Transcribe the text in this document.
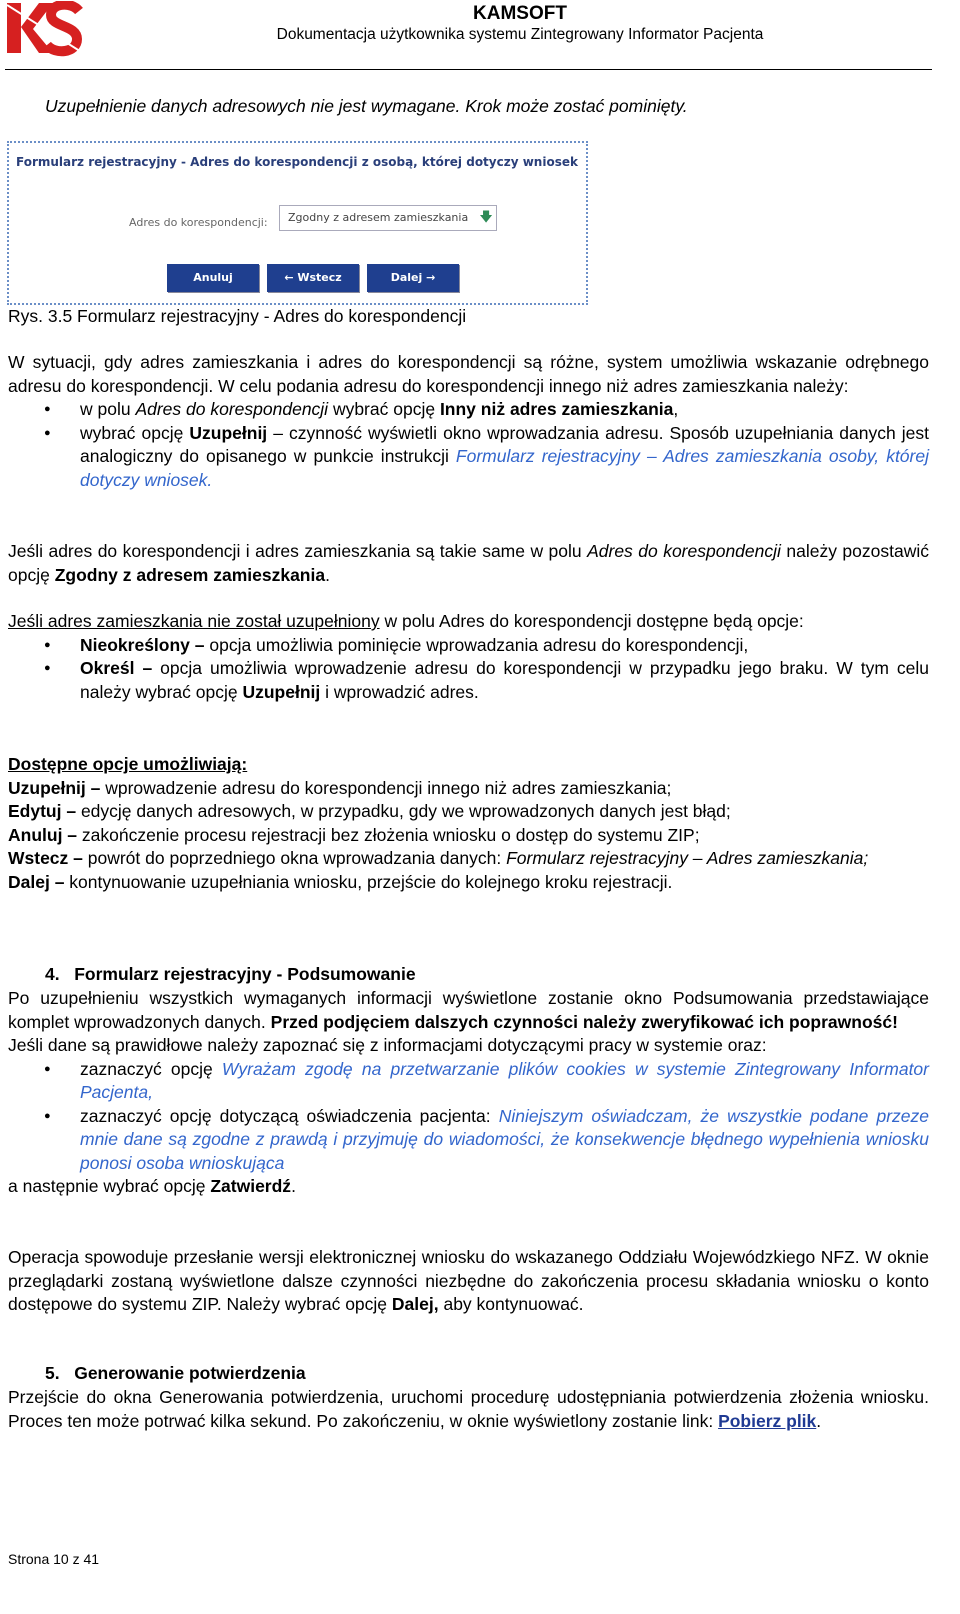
KAMSOFT
Dokumentacja użytkownika systemu Zintegrowany Informator Pacjenta
Uzupełnienie danych adresowych nie jest wymagane. Krok może zostać pominięty.
Formularz rejestracyjny - Adres do korespondencji z osobą, której dotyczy wniosek
Adres do korespondencji:	Zgodny z adresem zamieszkania 🡇
Anuluj	← Wstecz	Dalej →
Rys. 3.5 Formularz rejestracyjny - Adres do korespondencji
W sytuacji, gdy adres zamieszkania i adres do korespondencji są różne, system umożliwia wskazanie odrębnego adresu do korespondencji. W celu podania adresu do korespondencji innego niż adres zamieszkania należy:
● w polu Adres do korespondencji wybrać opcję Inny niż adres zamieszkania,
● wybrać opcję Uzupełnij – czynność wyświetli okno wprowadzania adresu. Sposób uzupełniania danych jest analogiczny do opisanego w punkcie instrukcji Formularz rejestracyjny – Adres zamieszkania osoby, której dotyczy wniosek.
Jeśli adres do korespondencji i adres zamieszkania są takie same w polu Adres do korespondencji należy pozostawić opcję Zgodny z adresem zamieszkania.
Jeśli adres zamieszkania nie został uzupełniony w polu Adres do korespondencji dostępne będą opcje:
● Nieokreślony – opcja umożliwia pominięcie wprowadzania adresu do korespondencji,
● Określ – opcja umożliwia wprowadzenie adresu do korespondencji w przypadku jego braku. W tym celu należy wybrać opcję Uzupełnij i wprowadzić adres.
Dostępne opcje umożliwiają:
Uzupełnij – wprowadzenie adresu do korespondencji innego niż adres zamieszkania;
Edytuj – edycję danych adresowych, w przypadku, gdy we wprowadzonych danych jest błąd;
Anuluj – zakończenie procesu rejestracji bez złożenia wniosku o dostęp do systemu ZIP;
Wstecz – powrót do poprzedniego okna wprowadzania danych: Formularz rejestracyjny – Adres zamieszkania;
Dalej – kontynuowanie uzupełniania wniosku, przejście do kolejnego kroku rejestracji.
4. Formularz rejestracyjny - Podsumowanie
Po uzupełnieniu wszystkich wymaganych informacji wyświetlone zostanie okno Podsumowania przedstawiające komplet wprowadzonych danych. Przed podjęciem dalszych czynności należy zweryfikować ich poprawność!
Jeśli dane są prawidłowe należy zapoznać się z informacjami dotyczącymi pracy w systemie oraz:
● zaznaczyć opcję Wyrażam zgodę na przetwarzanie plików cookies w systemie Zintegrowany Informator Pacjenta,
● zaznaczyć opcję dotyczącą oświadczenia pacjenta: Niniejszym oświadczam, że wszystkie podane przeze mnie dane są zgodne z prawdą i przyjmuję do wiadomości, że konsekwencje błędnego wypełnienia wniosku ponosi osoba wnioskująca
a następnie wybrać opcję Zatwierdź.
Operacja spowoduje przesłanie wersji elektronicznej wniosku do wskazanego Oddziału Wojewódzkiego NFZ. W oknie przeglądarki zostaną wyświetlone dalsze czynności niezbędne do zakończenia procesu składania wniosku o konto dostępowe do systemu ZIP. Należy wybrać opcję Dalej, aby kontynuować.
5. Generowanie potwierdzenia
Przejście do okna Generowania potwierdzenia, uruchomi procedurę udostępniania potwierdzenia złożenia wniosku. Proces ten może potrwać kilka sekund. Po zakończeniu, w oknie wyświetlony zostanie link: Pobierz plik.
Strona 10 z 41
